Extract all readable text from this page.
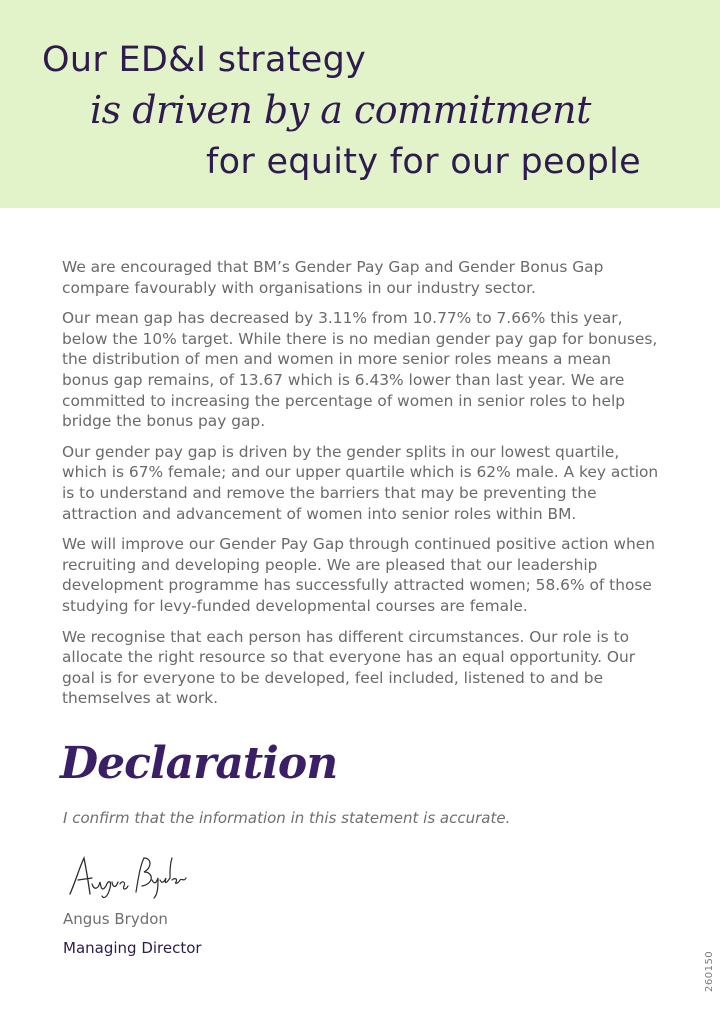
Our ED&I strategy
is driven by a commitment
for equity for our people

We are encouraged that BM’s Gender Pay Gap and Gender Bonus Gap compare favourably with organisations in our industry sector.

Our mean gap has decreased by 3.11% from 10.77% to 7.66% this year, below the 10% target. While there is no median gender pay gap for bonuses, the distribution of men and women in more senior roles means a mean bonus gap remains, of 13.67 which is 6.43% lower than last year. We are committed to increasing the percentage of women in senior roles to help bridge the bonus pay gap.

Our gender pay gap is driven by the gender splits in our lowest quartile, which is 67% female; and our upper quartile which is 62% male. A key action is to understand and remove the barriers that may be preventing the attraction and advancement of women into senior roles within BM.

We will improve our Gender Pay Gap through continued positive action when recruiting and developing people. We are pleased that our leadership development programme has successfully attracted women; 58.6% of those studying for levy-funded developmental courses are female.

We recognise that each person has different circumstances. Our role is to allocate the right resource so that everyone has an equal opportunity. Our goal is for everyone to be developed, feel included, listened to and be themselves at work.

Declaration
I confirm that the information in this statement is accurate.
Angus Brydon
Managing Director
260150
